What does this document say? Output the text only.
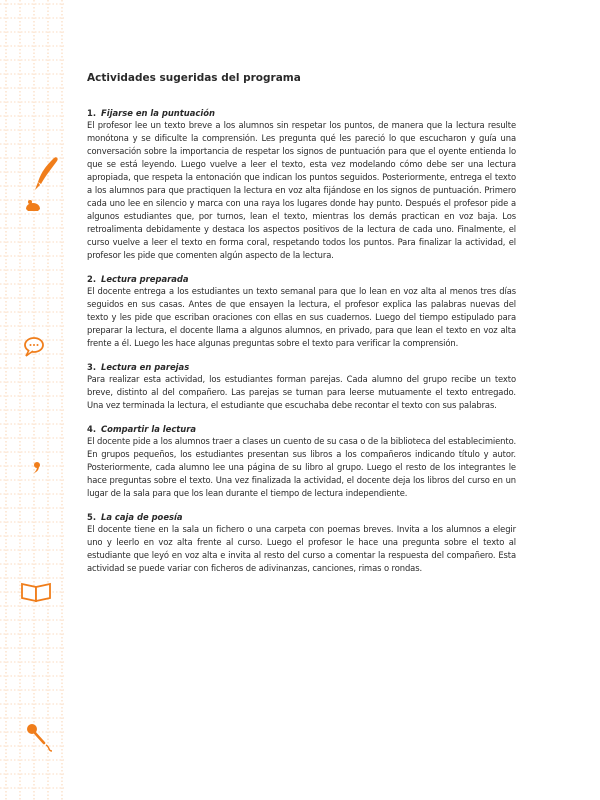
Actividades sugeridas del programa

1. Fijarse en la puntuación

El profesor lee un texto breve a los alumnos sin respetar los puntos, de manera que la lectura resulte monótona y se dificulte la comprensión. Les pregunta qué les pareció lo que escucharon y guía una conversación sobre la importancia de respetar los signos de puntuación para que el oyente entienda lo que se está leyendo. Luego vuelve a leer el texto, esta vez modelando cómo debe ser una lectura apropiada, que respeta la entonación que indican los puntos seguidos. Posteriormente, entrega el texto a los alumnos para que practiquen la lectura en voz alta fijándose en los signos de puntuación. Primero cada uno lee en silencio y marca con una raya los lugares donde hay punto. Después el profesor pide a algunos estudiantes que, por turnos, lean el texto, mientras los demás practican en voz baja. Los retroalimenta debidamente y destaca los aspectos positivos de la lectura de cada uno. Finalmente, el curso vuelve a leer el texto en forma coral, respetando todos los puntos. Para finalizar la actividad, el profesor les pide que comenten algún aspecto de la lectura.

2. Lectura preparada

El docente entrega a los estudiantes un texto semanal para que lo lean en voz alta al menos tres días seguidos en sus casas. Antes de que ensayen la lectura, el profesor explica las palabras nuevas del texto y les pide que escriban oraciones con ellas en sus cuadernos. Luego del tiempo estipulado para preparar la lectura, el docente llama a algunos alumnos, en privado, para que lean el texto en voz alta frente a él. Luego les hace algunas preguntas sobre el texto para verificar la comprensión.

3. Lectura en parejas

Para realizar esta actividad, los estudiantes forman parejas. Cada alumno del grupo recibe un texto breve, distinto al del compañero. Las parejas se turnan para leerse mutuamente el texto entregado. Una vez terminada la lectura, el estudiante que escuchaba debe recontar el texto con sus palabras.

4. Compartir la lectura

El docente pide a los alumnos traer a clases un cuento de su casa o de la biblioteca del establecimiento. En grupos pequeños, los estudiantes presentan sus libros a los compañeros indicando título y autor. Posteriormente, cada alumno lee una página de su libro al grupo. Luego el resto de los integrantes le hace preguntas sobre el texto. Una vez finalizada la actividad, el docente deja los libros del curso en un lugar de la sala para que los lean durante el tiempo de lectura independiente.

5. La caja de poesía

El docente tiene en la sala un fichero o una carpeta con poemas breves. Invita a los alumnos a elegir uno y leerlo en voz alta frente al curso. Luego el profesor le hace una pregunta sobre el texto al estudiante que leyó en voz alta e invita al resto del curso a comentar la respuesta del compañero. Esta actividad se puede variar con ficheros de adivinanzas, canciones, rimas o rondas.
